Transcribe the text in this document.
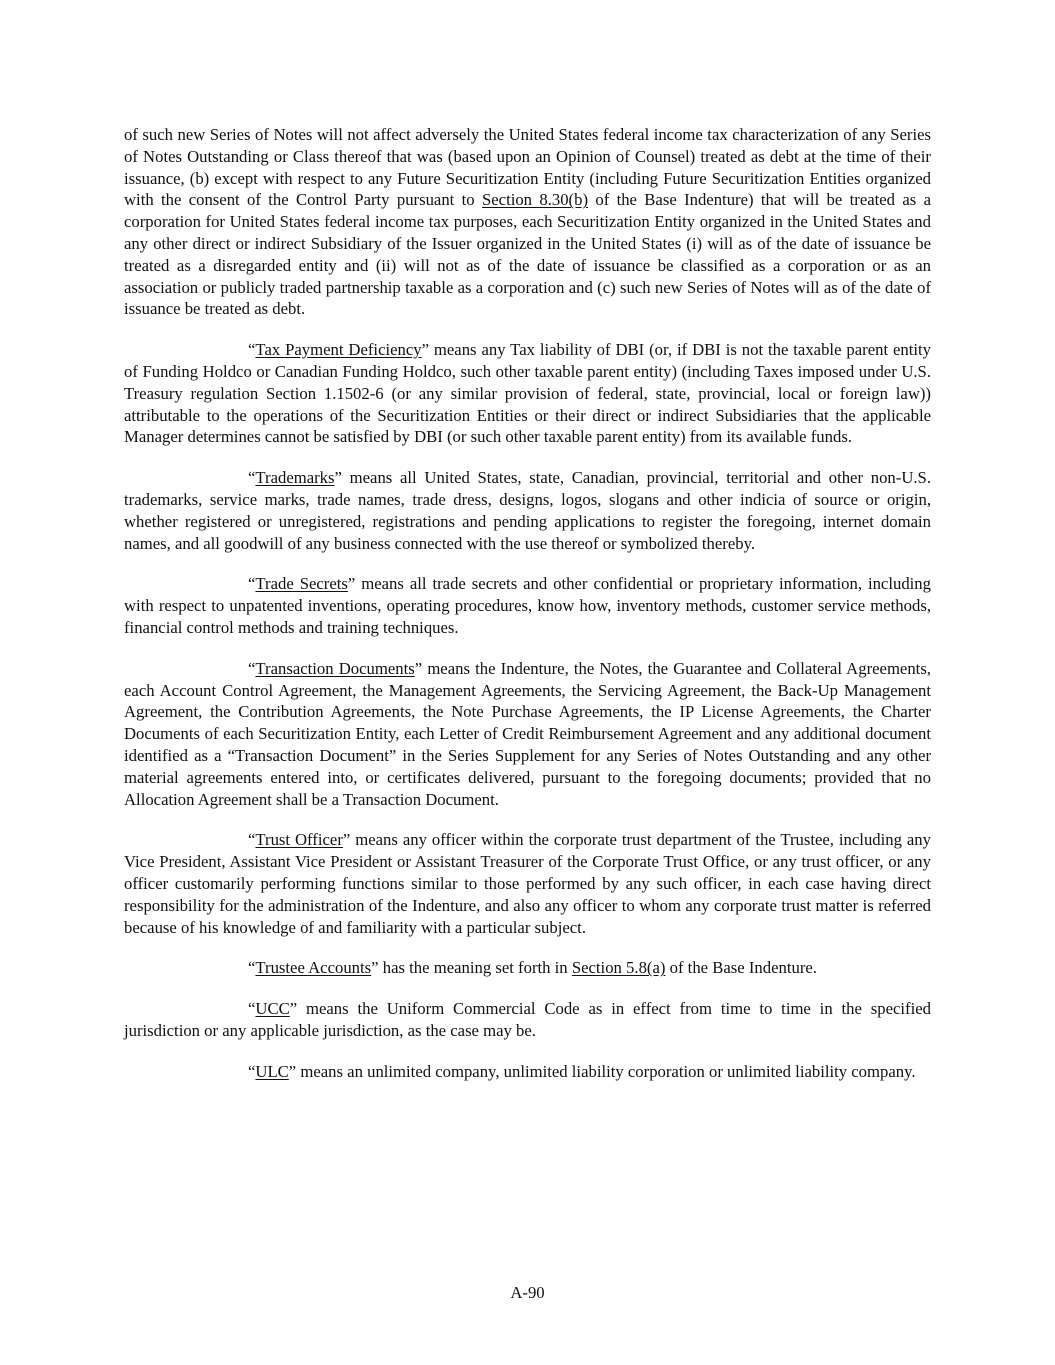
of such new Series of Notes will not affect adversely the United States federal income tax characterization of any Series of Notes Outstanding or Class thereof that was (based upon an Opinion of Counsel) treated as debt at the time of their issuance, (b) except with respect to any Future Securitization Entity (including Future Securitization Entities organized with the consent of the Control Party pursuant to Section 8.30(b) of the Base Indenture) that will be treated as a corporation for United States federal income tax purposes, each Securitization Entity organized in the United States and any other direct or indirect Subsidiary of the Issuer organized in the United States (i) will as of the date of issuance be treated as a disregarded entity and (ii) will not as of the date of issuance be classified as a corporation or as an association or publicly traded partnership taxable as a corporation and (c) such new Series of Notes will as of the date of issuance be treated as debt.

“Tax Payment Deficiency” means any Tax liability of DBI (or, if DBI is not the taxable parent entity of Funding Holdco or Canadian Funding Holdco, such other taxable parent entity) (including Taxes imposed under U.S. Treasury regulation Section 1.1502-6 (or any similar provision of federal, state, provincial, local or foreign law)) attributable to the operations of the Securitization Entities or their direct or indirect Subsidiaries that the applicable Manager determines cannot be satisfied by DBI (or such other taxable parent entity) from its available funds.

“Trademarks” means all United States, state, Canadian, provincial, territorial and other non-U.S. trademarks, service marks, trade names, trade dress, designs, logos, slogans and other indicia of source or origin, whether registered or unregistered, registrations and pending applications to register the foregoing, internet domain names, and all goodwill of any business connected with the use thereof or symbolized thereby.

“Trade Secrets” means all trade secrets and other confidential or proprietary information, including with respect to unpatented inventions, operating procedures, know how, inventory methods, customer service methods, financial control methods and training techniques.

“Transaction Documents” means the Indenture, the Notes, the Guarantee and Collateral Agreements, each Account Control Agreement, the Management Agreements, the Servicing Agreement, the Back-Up Management Agreement, the Contribution Agreements, the Note Purchase Agreements, the IP License Agreements, the Charter Documents of each Securitization Entity, each Letter of Credit Reimbursement Agreement and any additional document identified as a “Transaction Document” in the Series Supplement for any Series of Notes Outstanding and any other material agreements entered into, or certificates delivered, pursuant to the foregoing documents; provided that no Allocation Agreement shall be a Transaction Document.

“Trust Officer” means any officer within the corporate trust department of the Trustee, including any Vice President, Assistant Vice President or Assistant Treasurer of the Corporate Trust Office, or any trust officer, or any officer customarily performing functions similar to those performed by any such officer, in each case having direct responsibility for the administration of the Indenture, and also any officer to whom any corporate trust matter is referred because of his knowledge of and familiarity with a particular subject.

“Trustee Accounts” has the meaning set forth in Section 5.8(a) of the Base Indenture.

“UCC” means the Uniform Commercial Code as in effect from time to time in the specified jurisdiction or any applicable jurisdiction, as the case may be.

“ULC” means an unlimited company, unlimited liability corporation or unlimited liability company.

A-90
